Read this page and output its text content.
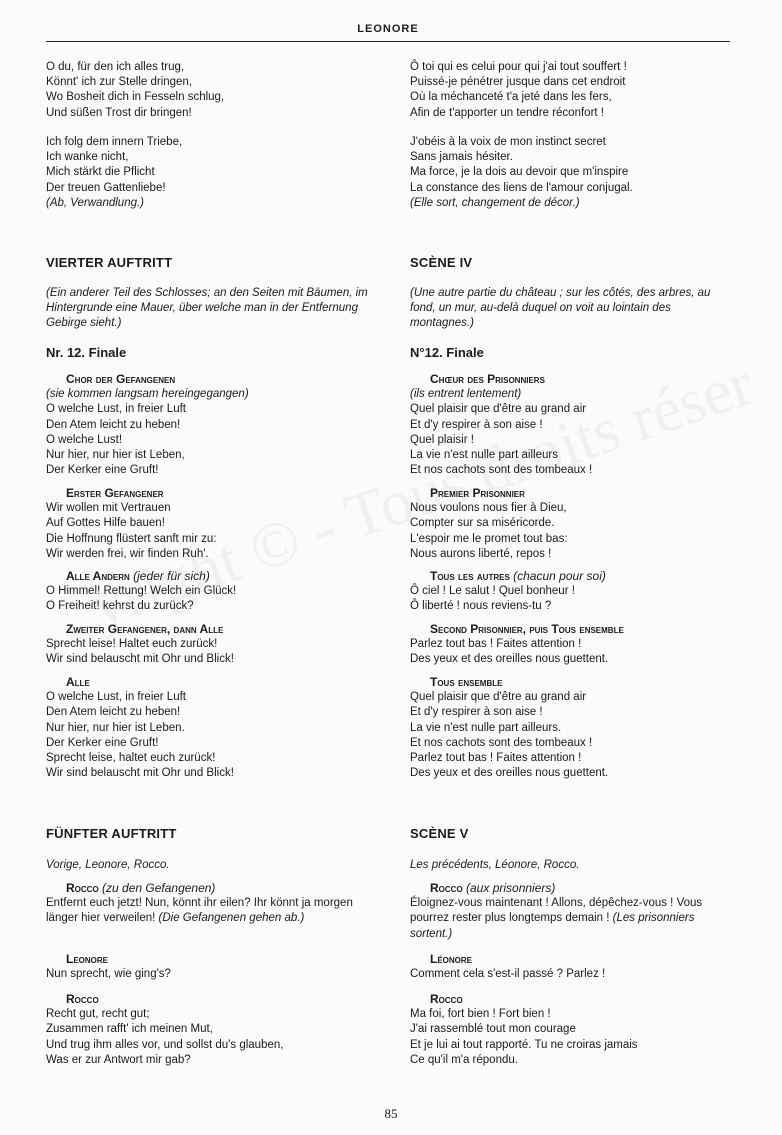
LEONORE
O du, für den ich alles trug,
Könnt' ich zur Stelle dringen,
Wo Bosheit dich in Fesseln schlug,
Und süßen Trost dir bringen!
Ô toi qui es celui pour qui j'ai tout souffert !
Puissé-je pénétrer jusque dans cet endroit
Où la méchanceté t'a jeté dans les fers,
Afin de t'apporter un tendre réconfort !
Ich folg dem innern Triebe,
Ich wanke nicht,
Mich stärkt die Pflicht
Der treuen Gattenliebe!
(Ab, Verwandlung.)
J'obéis à la voix de mon instinct secret
Sans jamais hésiter.
Ma force, je la dois au devoir que m'inspire
La constance des liens de l'amour conjugal.
(Elle sort, changement de décor.)
VIERTER AUFTRITT	SCÈNE IV
(Ein anderer Teil des Schlosses; an den Seiten mit Bäumen, im Hintergrunde eine Mauer, über welche man in der Entfernung Gebirge sieht.)
(Une autre partie du château ; sur les côtés, des arbres, au fond, un mur, au-delà duquel on voit au lointain des montagnes.)
Nr. 12. Finale	N°12. Finale
Chor der Gefangenen
(sie kommen langsam hereingegangen)
O welche Lust, in freier Luft
Den Atem leicht zu heben!
O welche Lust!
Nur hier, nur hier ist Leben,
Der Kerker eine Gruft!
Chœur des Prisonniers
(ils entrent lentement)
Quel plaisir que d'être au grand air
Et d'y respirer à son aise !
Quel plaisir !
La vie n'est nulle part ailleurs
Et nos cachots sont des tombeaux !
Erster Gefangener
Wir wollen mit Vertrauen
Auf Gottes Hilfe bauen!
Die Hoffnung flüstert sanft mir zu:
Wir werden frei, wir finden Ruh'.
Premier Prisonnier
Nous voulons nous fier à Dieu,
Compter sur sa miséricorde.
L'espoir me le promet tout bas:
Nous aurons liberté, repos !
Alle Andern (jeder für sich)
O Himmel! Rettung! Welch ein Glück!
O Freiheit! kehrst du zurück?
Tous les autres (chacun pour soi)
Ô ciel ! Le salut ! Quel bonheur !
Ô liberté ! nous reviens-tu ?
Zweiter Gefangener, dann Alle
Sprecht leise! Haltet euch zurück!
Wir sind belauscht mit Ohr und Blick!
Second Prisonnier, puis Tous ensemble
Parlez tout bas ! Faites attention !
Des yeux et des oreilles nous guettent.
Alle
O welche Lust, in freier Luft
Den Atem leicht zu heben!
Nur hier, nur hier ist Leben.
Der Kerker eine Gruft!
Sprecht leise, haltet euch zurück!
Wir sind belauscht mit Ohr und Blick!
Tous ensemble
Quel plaisir que d'être au grand air
Et d'y respirer à son aise !
La vie n'est nulle part ailleurs.
Et nos cachots sont des tombeaux !
Parlez tout bas ! Faites attention !
Des yeux et des oreilles nous guettent.
FÜNFTER AUFTRITT	SCÈNE V
Vorige, Leonore, Rocco.	Les précédents, Léonore, Rocco.
Rocco (zu den Gefangenen)
Entfernt euch jetzt! Nun, könnt ihr eilen? Ihr könnt ja morgen länger hier verweilen! (Die Gefangenen gehen ab.)
Rocco (aux prisonniers)
Éloignez-vous maintenant ! Allons, dépêchez-vous ! Vous pourrez rester plus longtemps demain ! (Les prisonniers sortent.)
Leonore
Nun sprecht, wie ging's?
Léonore
Comment cela s'est-il passé ? Parlez !
Rocco
Recht gut, recht gut;
Zusammen rafft' ich meinen Mut,
Und trug ihm alles vor, und sollst du's glauben,
Was er zur Antwort mir gab?
Rocco
Ma foi, fort bien ! Fort bien !
J'ai rassemblé tout mon courage
Et je lui ai tout rapporté. Tu ne croiras jamais
Ce qu'il m'a répondu.
85
